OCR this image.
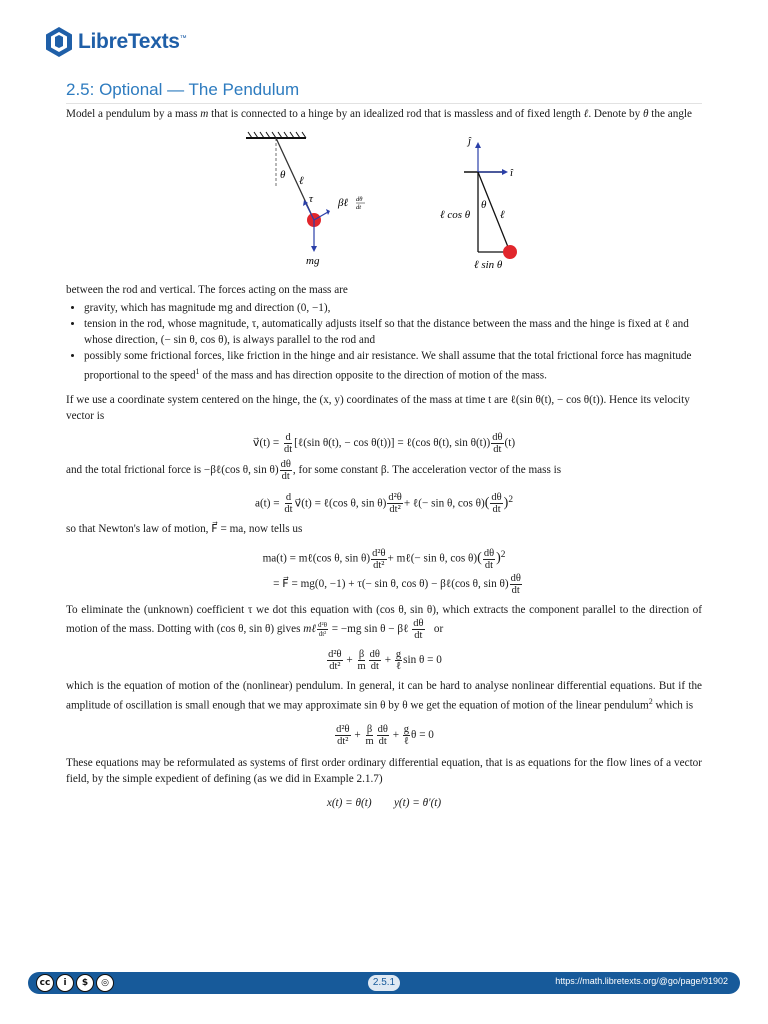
LibreTexts™
2.5: Optional — The Pendulum

Model a pendulum by a mass m that is connected to a hinge by an idealized rod that is massless and of fixed length ℓ. Denote by θ the angle

θ ℓ
τ βℓ dθ
dt
mg
ĵ
î
θ
ℓ
ℓ cos θ
ℓ sin θ

between the rod and vertical. The forces acting on the mass are

• gravity, which has magnitude mg and direction (0, −1),
• tension in the rod, whose magnitude, τ, automatically adjusts itself so that the distance between the mass and the hinge is fixed at ℓ and whose direction, (− sin θ, cos θ), is always parallel to the rod and
• possibly some frictional forces, like friction in the hinge and air resistance. We shall assume that the total frictional force has magnitude proportional to the speed$^1$ of the mass and has direction opposite to the direction of motion of the mass.

If we use a coordinate system centered on the hinge, the (x, y) coordinates of the mass at time t are ℓ(sin θ(t), − cos θ(t)). Hence its velocity vector is

v⃗(t) = $\frac{d}{dt}$ [ℓ(sin θ(t), − cos θ(t))] = ℓ(cos θ(t), $\sin \theta(t)) \frac{d\theta}{dt} (t)$

and the total frictional force is −βℓ(cos θ, $\sin \theta) \frac{d\theta}{dt}$ , for some constant β. The acceleration vector of the mass is

$a(t) = \frac{d}{dt}$ v⃗(t) = ℓ(cos θ, $\sin \theta) \frac{\text{d²θ}}{\text{dt²}}$ + ℓ(− sin θ, $\cos \theta)( \frac{d\theta}{dt} )^2$

so that Newton's law of motion, F⃗ = ma, now tells us

ma(t) = mℓ(cos θ, $\sin \theta) \frac{\text{d²θ}}{\text{dt²}}$ + mℓ(− sin θ, $\cos \theta)( \frac{d\theta}{dt} )^2$
= F⃗ = mg(0, −1) + τ(− sin θ, cos θ) − βℓ(cos θ, $\sin \theta) \frac{d\theta}{dt}$

To eliminate the (unknown) coefficient τ we dot this equation with (cos θ, sin θ), which extracts the component parallel to the direction of motion of the mass. Dotting with (cos θ, sin θ) gives mℓ $\frac{\text{d²θ}}{\text{dt²}} = -mg$ sin θ − βℓ $\frac{d\theta}{dt}$ or

$\frac{\text{d²θ}}{\text{dt²}} + \frac{\beta}{m} \frac{d\theta}{dt} + \frac{g}{\text{ℓ}}$ sin θ = 0

which is the equation of motion of the (nonlinear) pendulum. In general, it can be hard to analyse nonlinear differential equations. But if the amplitude of oscillation is small enough that we may approximate sin θ by θ we get the equation of motion of the linear pendulum$^2$ which is

$\frac{\text{d²θ}}{\text{dt²}} + \frac{\beta}{m} \frac{d\theta}{dt} + \frac{g}{\text{ℓ}}$ θ = 0

These equations may be reformulated as systems of first order ordinary differential equation, that is as equations for the flow lines of a vector field, by the simple expedient of defining (as we did in Example 2.1.7)

x(t) = θ(t)        y(t) = θ′(t)
cc	i	$	◎	2.5.1	https://math.libretexts.org/@go/page/91902
